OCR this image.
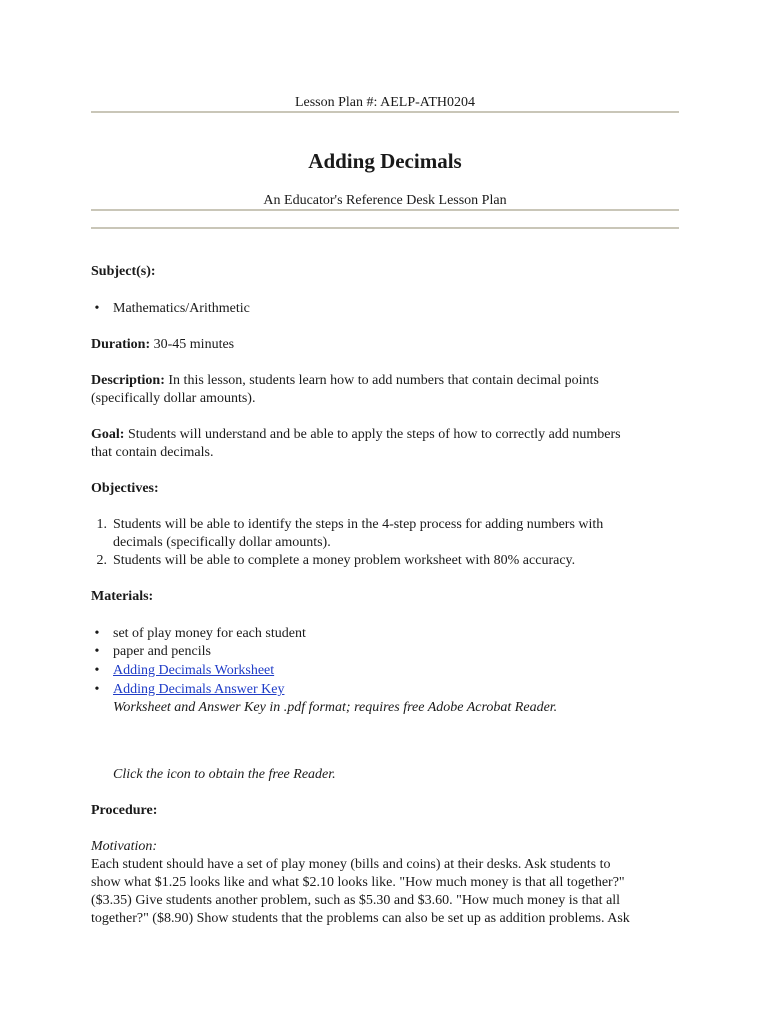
Lesson Plan #: AELP-ATH0204
Adding Decimals
An Educator's Reference Desk Lesson Plan
Subject(s):
• Mathematics/Arithmetic
Duration: 30-45 minutes
Description: In this lesson, students learn how to add numbers that contain decimal points
(specifically dollar amounts).
Goal: Students will understand and be able to apply the steps of how to correctly add numbers
that contain decimals.
Objectives:
1. Students will be able to identify the steps in the 4-step process for adding numbers with
decimals (specifically dollar amounts).
2. Students will be able to complete a money problem worksheet with 80% accuracy.
Materials:
• set of play money for each student
• paper and pencils
• Adding Decimals Worksheet
• Adding Decimals Answer Key
Worksheet and Answer Key in .pdf format; requires free Adobe Acrobat Reader.
Click the icon to obtain the free Reader.
Procedure:
Motivation:
Each student should have a set of play money (bills and coins) at their desks. Ask students to
show what $1.25 looks like and what $2.10 looks like. "How much money is that all together?"
($3.35) Give students another problem, such as $5.30 and $3.60. "How much money is that all
together?" ($8.90) Show students that the problems can also be set up as addition problems. Ask
